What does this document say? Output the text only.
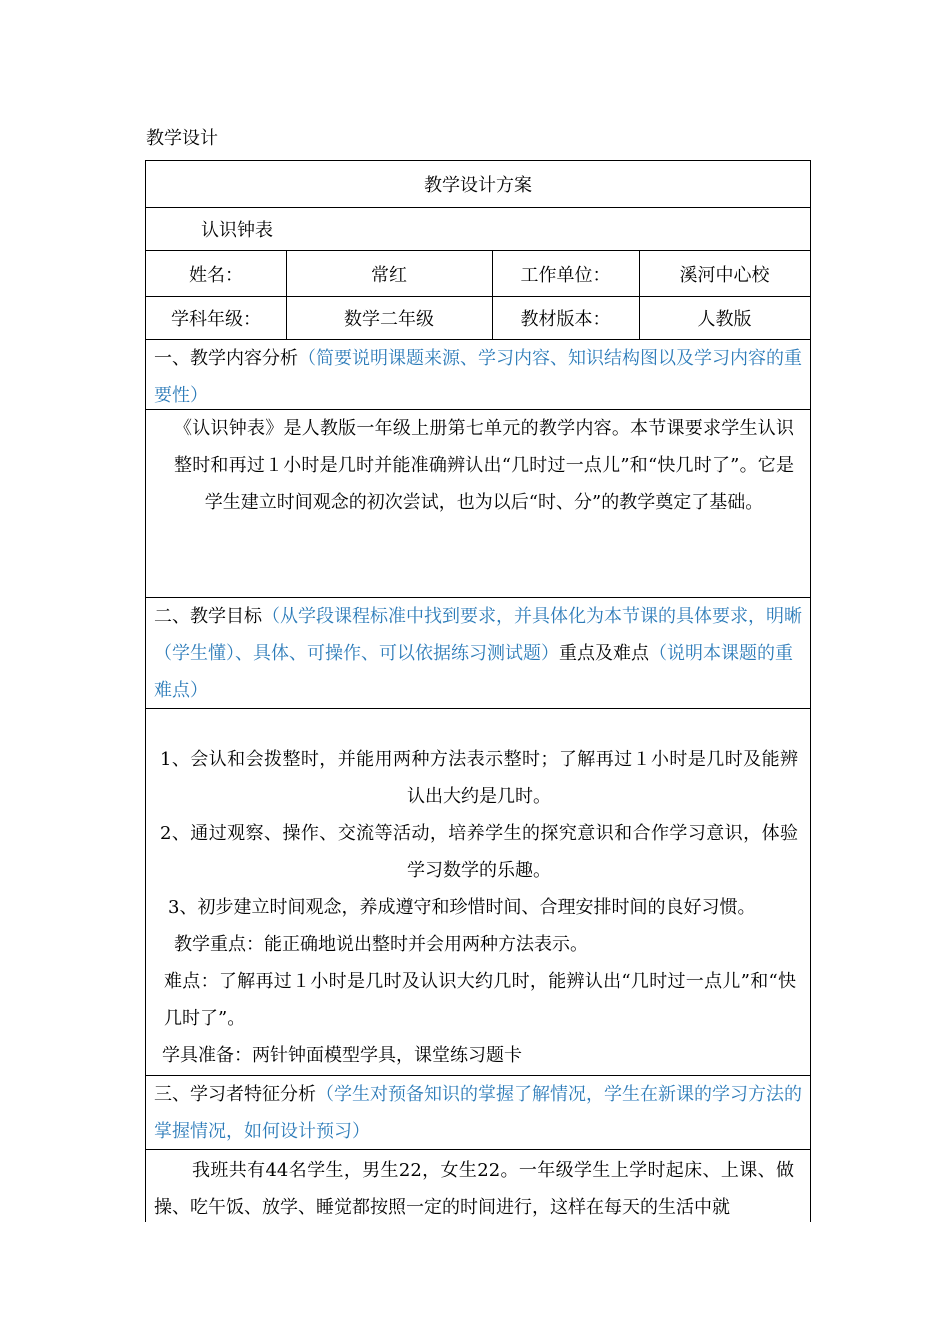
教学设计
教学设计方案
认识钟表
姓名：	常红	工作单位：	溪河中心校
学科年级：	数学二年级	教材版本：	人教版
一、教学内容分析（简要说明课题来源、学习内容、知识结构图以及学习内容的重要性）
《认识钟表》是人教版一年级上册第七单元的教学内容。本节课要求学生认识整时和再过１小时是几时并能准确辨认出“几时过一点儿”和“快几时了”。它是学生建立时间观念的初次尝试，也为以后“时、分”的教学奠定了基础。
二、教学目标（从学段课程标准中找到要求，并具体化为本节课的具体要求，明晰（学生懂）、具体、可操作、可以依据练习测试题）重点及难点（说明本课题的重难点）
1、会认和会拨整时，并能用两种方法表示整时；了解再过１小时是几时及能辨认出大约是几时。
2、通过观察、操作、交流等活动，培养学生的探究意识和合作学习意识，体验学习数学的乐趣。
3、初步建立时间观念，养成遵守和珍惜时间、合理安排时间的良好习惯。
教学重点：能正确地说出整时并会用两种方法表示。
难点：了解再过１小时是几时及认识大约几时，能辨认出“几时过一点儿”和“快几时了”。
学具准备：两针钟面模型学具，课堂练习题卡
三、学习者特征分析（学生对预备知识的掌握了解情况，学生在新课的学习方法的掌握情况，如何设计预习）
我班共有44名学生，男生22，女生22。一年级学生上学时起床、上课、做操、吃午饭、放学、睡觉都按照一定的时间进行，这样在每天的生活中就
